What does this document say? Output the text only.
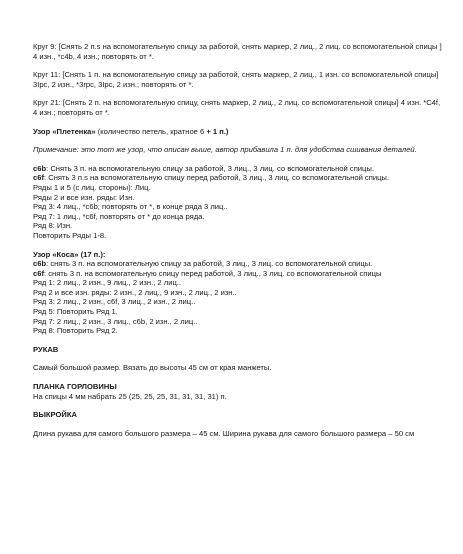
Круг 9: [Снять 2 п.s на вспомогательную спицу за работой, снять маркер, 2 лиц., 2 лиц. со вспомогательной спицы ] 4 изн., *c4b, 4 изн.; повторять от *.

Круг 11: [Снять 1 п. на вспомогательную спицу за работой, снять маркер, 2 лиц., 1 изн. со вспомогательной спицы] 3Ipc, 2 изн., *3rpc, 3Ipc, 2 изн.; повторять от *.

Круг 21: [Снять 2 п. на вспомогательную спицу, снять маркер, 2 лиц., 2 лиц. со вспомогательной спицы] 4 изн. *C4f, 4 изн.; повторять от *.

Узор «Плетенка» (количество петель, кратное 6 + 1 п.)

Примечание: это тот же узор, что описан выше, автор прибавила 1 п. для удобства сшивания деталей.

c6b: Снять 3 п. на вспомогательную спицу за работой, 3 лиц., 3 лиц. со вспомогательной спицы.

c6f: Снять 3 п.s на вспомогательную спицу перед работой, 3 лиц., 3 лиц. со вспомогательной спицы.

Ряды 1 и 5 (с лиц. стороны): Лиц.

Ряды 2 и все изн. ряды: Изн.

Ряд 3: 4 лиц., *c6b; повторять от *, в конце ряда 3 лиц..

Ряд 7: 1 лиц., *c6f, повторять от * до конца ряда.

Ряд 8: Изн.

Повторить Ряды 1-8.

Узор «Коса» (17 п.):

c6b: снять 3 п. на вспомогательную спицу за работой, 3 лиц., 3 лиц. со вспомогательной спицы.

c6f: снять 3 п. на вспомогательную спицу перед работой, 3 лиц., 3 лиц. со вспомогательной спицы

Ряд 1: 2 лиц., 2 изн., 9 лиц., 2 изн., 2 лиц..

Ряд 2 и все изн. ряды: 2 изн., 2 лиц., 9 изн., 2 лиц., 2 изн..

Ряд 3: 2 лиц., 2 изн., c6f, 3 лиц., 2 изн., 2 лиц..

Ряд 5: Повторить Ряд 1.

Ряд 7: 2 лиц., 2 изн., 3 лиц., c6b, 2 изн., 2 лиц..

Ряд 8: Повторить Ряд 2.

РУКАВ

Самый большой размер. Вязать до высоты 45 см от края манжеты.

ПЛАНКА ГОРЛОВИНЫ

На спицы 4 мм набрать 25 (25, 25, 25, 31, 31, 31, 31) п.

ВЫКРОЙКА

Длина рукава для самого большого размера – 45 см. Ширина рукава для самого большого размера – 50 см
